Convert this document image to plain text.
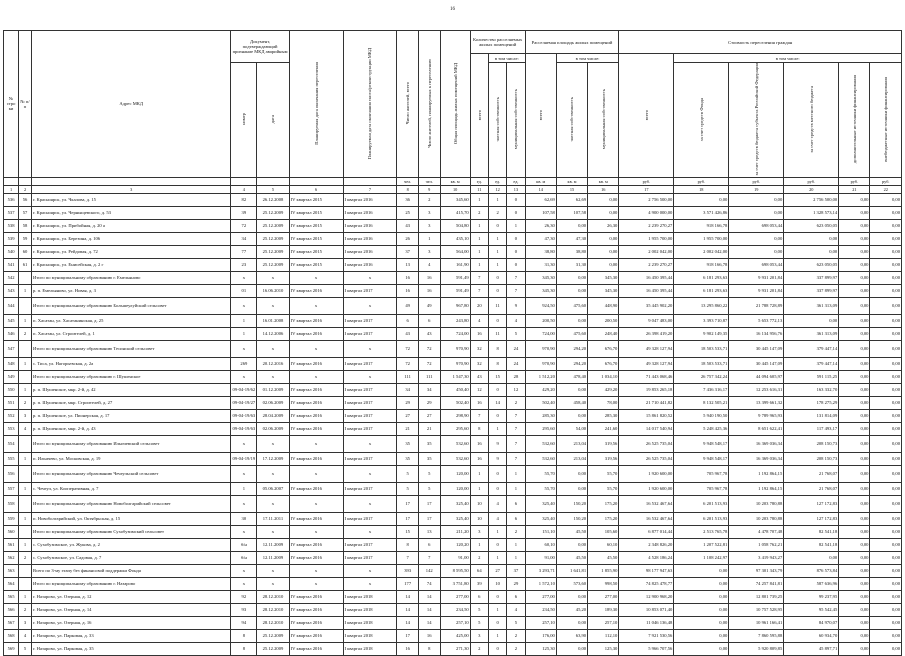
16
№ стро ки	№ п/п	Адрес МКД	Документ, подтверждающий признание МКД аварийным		Планируемая дата окончания переселения	Планируемая дата окончания сноса/реконструкции МКД	Число жителей, всего	Число жителей, планируемых к переселению	Общая площадь жилых помещений МКД	Количество расселяемых жилых помещений			Расселяемая площадь жилых помещений			Стоимость переселения граждан					
										всего	в том числе:		всего	в том числе:		всего	в том числе:				
			номер	дата							частная собственность	муниципальная собственность		частная собственность	муниципальная собственность		за счет средств Фонда	за счет средств бюджета субъекта Российской Федерации	за счет средств местного бюджета	дополнительные источники финансирования	внебюджетные источники финансирования
							чел.	чел.	кв. м	ед.	ед.	ед.	кв. м	кв. м	кв. м	руб.	руб.	руб.	руб.	руб.	руб.
1	2	3	4	5	6	7	8	9	10	11	12	13	14	15	16	17	18	19	20	21	22
536	56	г. Красноярск, ул. Чкалова, д. 15	82	26.12.2008	IV квартал 2015	I квартал 2016	36	2	345,60	1	1	0	62,69	62,69	0,00	2 756 500,00	0,00	0,00	2 756 500,00	0,00	0,00
537	57	г. Красноярск, ул. Черныщевского, д. 53	39	25.12.2009	IV квартал 2015	I квартал 2016	25	3	415,70	2	2	0	107,58	107,58	0,00	4 900 000,00	3 571 426,86	0,00	1 328 573,14	0,00	0,00
538	58	г. Красноярск, ул. Прибойная, д. 20 а	72	25.12.2009	IV квартал 2015	I квартал 2016	43	3	504,80	1	0	1	26,30	0,00	26,30	2 239 270,27	918 166,78	698 053,44	623 050,05	0,00	0,00
539	59	г. Красноярск, ул. Березина, д. 106	34	25.12.2009	IV квартал 2015	I квартал 2016	26	1	435,10	1	1	0	47,30	47,30	0,00	1 955 700,00	1 955 700,00	0,00	0,00	0,00	0,00
540	60	г. Красноярск, ул. Рейдовая, д. 72	77	25.12.2009	IV квартал 2015	I квартал 2016	37	3	564,00	1	1	0	38,80	38,80	0,00	2 002 042,00	2 002 042,00	0,00	0,00	0,00	0,00
541	61	г. Красноярск, ул. Енисейская, д. 2 г	23	25.12.2009	IV квартал 2015	I квартал 2016	13	4	161,90	1	1	0	31,30	31,30	0,00	2 239 270,27	918 166,78	698 053,44	623 050,05	0,00	0,00
542		Итого по муниципальному образованию г. Емельяново	х	х	х	х	16	16	591,49	7	0	7	345,30	0,00	345,30	16 450 395,44	6 181 293,63	9 931 201,84	337 899,97	0,00	0,00
543	1	р. п. Емельяново, ул. Новая, д. 3	01	16.06.2010	IV квартал 2016	I квартал 2017	16	16	591,49	7	0	7	345,30	0,00	345,30	16 450 395,44	6 181 293,63	9 931 201,84	337 899,97	0,00	0,00
544		Итого по муниципальному образованию Большеулуйский сельсовет	х	х	х	х	49	49	967,80	20	11	9	924,50	475,60	448,90	35 445 902,20	13 295 860,22	21 788 728,89	361 313,09	0,00	0,00
545	1	п. Хасатан, ул. Хасатанинская, д. 25	1	16.01.2008	IV квартал 2016	I квартал 2017	6	6	243,80	4	0	4	200,50	0,00	200,50	9 047 483,00	3 393 710,87	5 653 772,13	0,00	0,00	0,00
546	2	п. Хасатан, ул. Строителей, д. 1	1	14.12.2006	IV квартал 2016	I квартал 2017	43	43	724,00	16	11	5	724,00	475,60	248,40	26 398 419,20	9 902 149,35	16 134 956,76	361 313,09	0,00	0,00
547		Итого по муниципальному образованию Тесинский сельсовет	х	х	х	х	72	72	970,90	32	8	24	970,90	294,20	676,70	49 328 127,94	18 503 533,71	30 445 147,09	379 447,14	0,00	0,00
548	1	с. Тиса, ул. Нагорьевская, д. 2а	269	20.12.2016	IV квартал 2016	I квартал 2017	72	72	970,90	32	8	24	970,90	294,20	676,70	49 328 127,94	18 503 533,71	30 445 147,09	379 447,14	0,00	0,00
549		Итого по муниципальному образованию г. Шушенское	х	х	х	х	111	111	1 547,30	43	15	28	1 512,20	478,40	1 034,10	71 443 068,46	26 757 342,24	44 094 605,97	591 115,25	0,00	0,00
550	1	р. п. Шушенское, мкр. 2-й, д. 42	09-04-19/62	01.12.2009	IV квартал 2016	I квартал 2017	34	34	450,40	12	0	12	429,20	0,00	429,20	19 853 265,18	7 436 316,17	12 253 616,31	163 332,70	0,00	0,00
551	2	р. п. Шушенское, мкр. Строителей, д. 27	09-04-19/27	02.06.2009	IV квартал 2016	I квартал 2017	29	29	502,40	16	14	2	502,40	458,40	78,00	21 710 441,82	8 132 505,21	13 399 661,32	178 275,29	0,00	0,00
552	3	р. п. Шушенское, ул. Пионерская, д. 17	09-04-19/63	28.04.2009	IV квартал 2016	I квартал 2017	27	27	298,90	7	0	7	285,30	0,00	285,30	15 861 820,52	5 940 190,50	9 789 965,93	131 814,09	0,00	0,00
553	4	р. п. Шушенское, мкр. 2-й, д. 43	09-04-19/63	02.06.2009	IV квартал 2016	I квартал 2017	21	21	295,60	8	1	7	295,60	54,00	241,60	14 017 540,94	5 248 425,36	8 651 622,41	117 493,17	0,00	0,00
554		Итого по муниципальному образованию Ильичевский сельсовет	х	х	х	х	35	35	532,60	16	9	7	532,60	213,04	319,56	26 525 735,04	9 948 548,17	16 369 036,34	208 150,73	0,00	0,00
555	1	п. Ильичево, ул. Московская, д. 19	09-04-19/19	17.12.2009	IV квартал 2016	I квартал 2017	35	35	532,60	16	9	7	532,60	213,04	319,56	26 525 735,04	9 948 548,17	16 369 036,34	208 150,73	0,00	0,00
556		Итого по муниципальному образованию Чечеульский сельсовет	х	х	х	х	5	5	120,00	1	0	1	55,70	0,00	55,70	1 920 600,00	705 967,78	1 192 864,15	21 768,07	0,00	0,00
557	1	с. Чечеул, ул. Кооперативная, д. 7	1	05.06.2007	IV квартал 2016	I квартал 2017	5	5	120,00	1	0	1	55,70	0,00	55,70	1 920 600,00	705 967,78	1 192 864,15	21 768,07	0,00	0,00
558		Итого по муниципальному образованию Новоболгарийский сельсовет	х	х	х	х	17	17	325,40	10	4	6	325,40	150,20	175,20	16 532 467,64	6 201 513,93	10 203 780,88	127 172,83	0,00	0,00
559	1	п. Новоболгарийский, ул. Октябрьская, д. 15	30	17.11.2011	IV квартал 2016	I квартал 2017	17	17	325,40	10	4	6	325,40	150,20	175,20	16 532 467,64	6 201 513,93	10 203 780,88	127 172,83	0,00	0,00
560		Итого по муниципальному образованию Сухобузимский сельсовет	х	х	х	х	15	13	211,20	3	1	2	151,10	45,50	105,60	6 877 014,44	2 513 765,78	4 478 707,48	82 541,18	0,00	0,00
561	1	с. Сухобузимское, ул. Жукова, д. 2	б/н	12.11.2009	IV квартал 2016	I квартал 2017	8	6	120,20	1	0	1	60,10	0,00	60,10	2 348 826,20	1 207 522,81	1 058 762,21	82 541,18	0,00	0,00
562	2	с. Сухобузимское, ул. Садовая, д. 7	б/н	12.11.2009	IV квартал 2016	I квартал 2017	7	7	91,00	2	1	1	91,00	45,50	45,50	4 528 186,24	1 108 242,97	3 419 943,27	0,00	0,00	0,00
563		Всего по 3-му этапу без финансовой поддержки Фонда	х	х	х	х	393	142	8 595,50	64	27	37	3 293,71	1 641,81	1 855,90	98 177 947,63	0,00	97 301 343,79	876 573,84	0,00	0,00
564		Итого по муниципальному образованию г. Назарово	х	х	х	х	177	74	3 751,80	39	10	29	1 572,10	573,60	998,50	74 825 478,77	0,00	74 257 841,81	587 636,96	0,00	0,00
565	1	г. Назарово, ул. Озерная, д. 12	92	28.12.2010	IV квартал 2016	I квартал 2018	14	14	277,00	6	0	6	277,00	0,00	277,00	12 900 968,20	0,00	12 801 739,25	99 237,95	0,00	0,00
566	2	г. Назарово, ул. Озерная, д. 14	93	28.12.2010	IV квартал 2016	I квартал 2018	14	14	234,50	5	1	4	234,50	45,20	189,30	10 853 071,40	0,00	10 757 528,95	95 542,45	0,00	0,00
567	3	г. Назарово, ул. Озерная, д. 16	94	28.12.2010	IV квартал 2016	I квартал 2018	14	14	257,10	5	0	5	257,10	0,00	257,10	11 046 136,48	0,00	10 961 166,41	84 970,07	0,00	0,00
568	4	г. Назарово, ул. Парковая, д. 33	8	25.12.2009	IV квартал 2016	I квартал 2018	17	16	425,00	3	1	2	176,00	63,90	112,10	7 921 530,56	0,00	7 860 595,88	60 934,70	0,00	0,00
569	5	г. Назарово, ул. Парковая, д. 35	8	25.12.2009	IV квартал 2016	I квартал 2018	16	8	271,30	2	0	2	125,30	0,00	125,30	5 966 707,56	0,00	5 920 809,85	45 897,71	0,00	0,00
